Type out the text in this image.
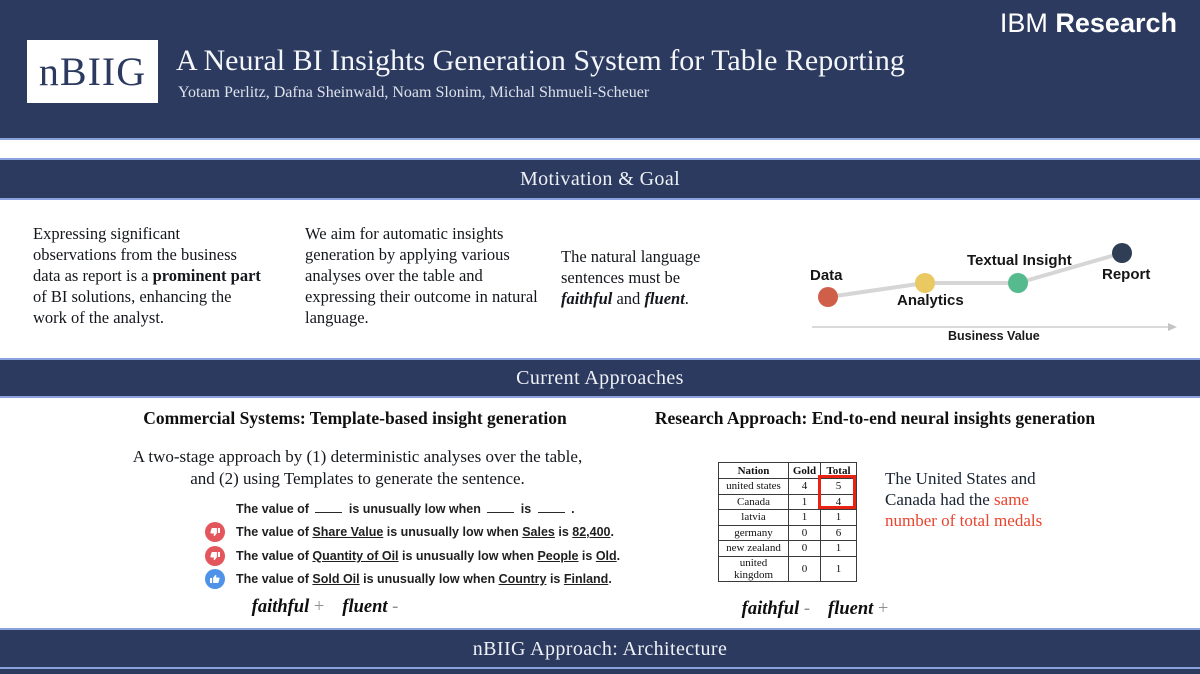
nBIIG A Neural BI Insights Generation System for Table Reporting
Yotam Perlitz, Dafna Sheinwald, Noam Slonim, Michal Shmueli-Scheuer
IBM Research
Motivation & Goal
Expressing significant observations from the business data as report is a prominent part of BI solutions, enhancing the work of the analyst.
We aim for automatic insights generation by applying various analyses over the table and expressing their outcome in natural language.
The natural language sentences must be faithful and fluent.
Data
Analytics
Textual Insight
Report
Business Value
Current Approaches
Commercial Systems: Template-based insight generation
A two-stage approach by (1) deterministic analyses over the table, and (2) using Templates to generate the sentence.
The value of	is unusually low when	is	.
The value of Share Value is unusually low when Sales is 82,400.
The value of Quantity of Oil is unusually low when People is Old.
The value of Sold Oil is unusually low when Country is Finland.
faithful + fluent -
Research Approach: End-to-end neural insights generation
Nation	Gold	Total
united states	4	5
Canada	1	4
latvia	1	1
germany	0	6
new zealand	0	1
united kingdom	0	1
The United States and Canada had the same number of total medals
faithful - fluent +
nBIIG Approach: Architecture
